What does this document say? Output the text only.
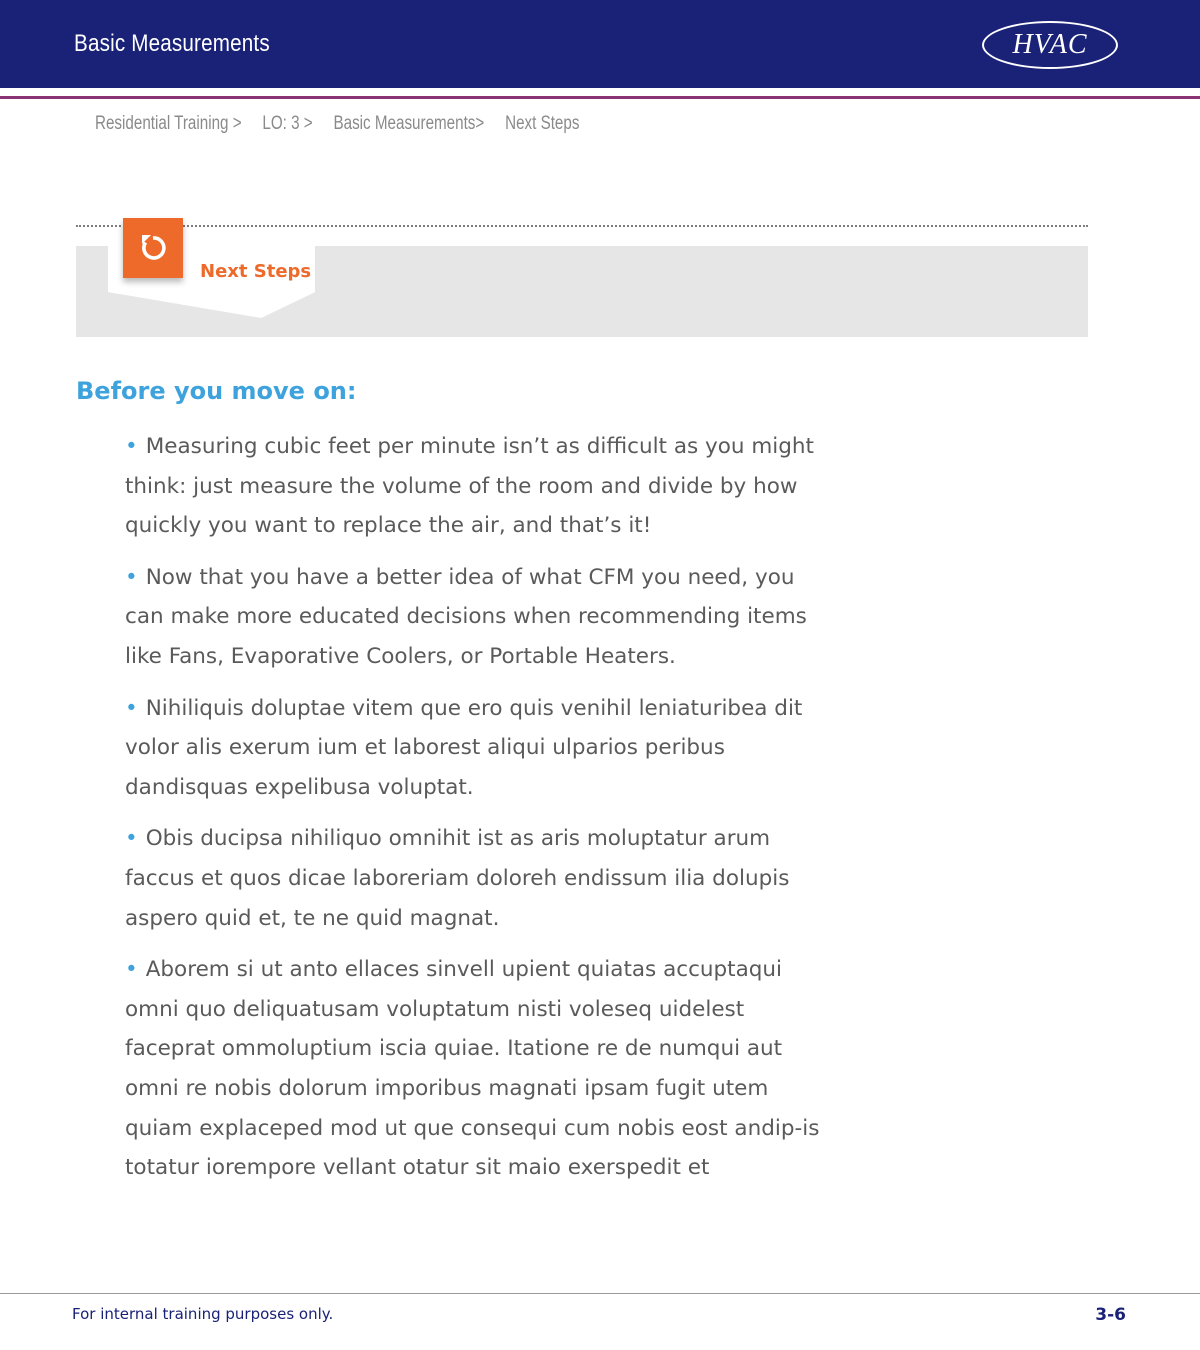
Basic Measurements	HVAC
Residential Training > LO: 3 > Basic Measurements> Next Steps
Next Steps
Before you move on:
• Measuring cubic feet per minute isn’t as difficult as you might think: just measure the volume of the room and divide by how quickly you want to replace the air, and that’s it!
• Now that you have a better idea of what CFM you need, you can make more educated decisions when recommending items like Fans, Evaporative Coolers, or Portable Heaters.
• Nihiliquis doluptae vitem que ero quis venihil leniaturibea dit volor alis exerum ium et laborest aliqui ulparios peribus dandisquas expelibusa voluptat.
• Obis ducipsa nihiliquo omnihit ist as aris moluptatur arum faccus et quos dicae laboreriam doloreh endissum ilia dolupis aspero quid et, te ne quid magnat.
• Aborem si ut anto ellaces sinvell upient quiatas accuptaqui omni quo deliquatusam voluptatum nisti voleseq uidelest faceprat ommoluptium iscia quiae. Itatione re de numqui aut omni re nobis dolorum imporibus magnati ipsam fugit utem quiam explaceped mod ut que consequi cum nobis eost andip-is totatur iorempore vellant otatur sit maio exerspedit et
For internal training purposes only.	3-6
